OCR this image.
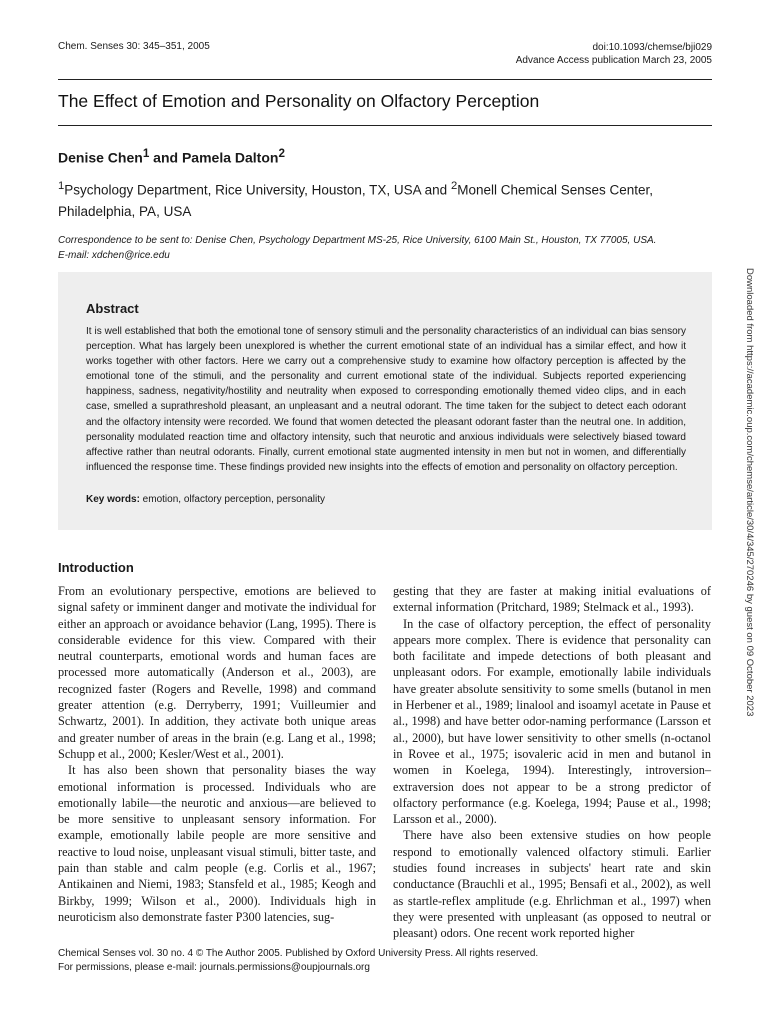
Chem. Senses 30: 345–351, 2005	doi:10.1093/chemse/bji029
Advance Access publication March 23, 2005
The Effect of Emotion and Personality on Olfactory Perception
Denise Chen$^1$ and Pamela Dalton$^2$
$^1$Psychology Department, Rice University, Houston, TX, USA and $^2$Monell Chemical Senses Center, Philadelphia, PA, USA
Correspondence to be sent to: Denise Chen, Psychology Department MS-25, Rice University, 6100 Main St., Houston, TX 77005, USA.
E-mail: xdchen@rice.edu
Abstract
It is well established that both the emotional tone of sensory stimuli and the personality characteristics of an individual can bias sensory perception. What has largely been unexplored is whether the current emotional state of an individual has a similar effect, and how it works together with other factors. Here we carry out a comprehensive study to examine how olfactory perception is affected by the emotional tone of the stimuli, and the personality and current emotional state of the individual. Subjects reported experiencing happiness, sadness, negativity/hostility and neutrality when exposed to corresponding emotionally themed video clips, and in each case, smelled a suprathreshold pleasant, an unpleasant and a neutral odorant. The time taken for the subject to detect each odorant and the olfactory intensity were recorded. We found that women detected the pleasant odorant faster than the neutral one. In addition, personality modulated reaction time and olfactory intensity, such that neurotic and anxious individuals were selectively biased toward affective rather than neutral odorants. Finally, current emotional state augmented intensity in men but not in women, and differentially influenced the response time. These findings provided new insights into the effects of emotion and personality on olfactory perception.
Key words: emotion, olfactory perception, personality
Introduction

From an evolutionary perspective, emotions are believed to signal safety or imminent danger and motivate the individual for either an approach or avoidance behavior (Lang, 1995). There is considerable evidence for this view. Compared with their neutral counterparts, emotional words and human faces are processed more automatically (Anderson et al., 2003), are recognized faster (Rogers and Revelle, 1998) and command greater attention (e.g. Derryberry, 1991; Vuilleumier and Schwartz, 2001). In addition, they activate both unique areas and greater number of areas in the brain (e.g. Lang et al., 1998; Schupp et al., 2000; Kesler/West et al., 2001).

It has also been shown that personality biases the way emotional information is processed. Individuals who are emotionally labile—the neurotic and anxious—are believed to be more sensitive to unpleasant sensory information. For example, emotionally labile people are more sensitive and reactive to loud noise, unpleasant visual stimuli, bitter taste, and pain than stable and calm people (e.g. Corlis et al., 1967; Antikainen and Niemi, 1983; Stansfeld et al., 1985; Keogh and Birkby, 1999; Wilson et al., 2000). Individuals high in neuroticism also demonstrate faster P300 latencies, sug-

gesting that they are faster at making initial evaluations of external information (Pritchard, 1989; Stelmack et al., 1993).

In the case of olfactory perception, the effect of personality appears more complex. There is evidence that personality can both facilitate and impede detections of both pleasant and unpleasant odors. For example, emotionally labile individuals have greater absolute sensitivity to some smells (butanol in men in Herbener et al., 1989; linalool and isoamyl acetate in Pause et al., 1998) and have better odor-naming performance (Larsson et al., 2000), but have lower sensitivity to other smells (n-octanol in Rovee et al., 1975; isovaleric acid in men and butanol in women in Koelega, 1994). Interestingly, introversion–extraversion does not appear to be a strong predictor of olfactory performance (e.g. Koelega, 1994; Pause et al., 1998; Larsson et al., 2000).

There have also been extensive studies on how people respond to emotionally valenced olfactory stimuli. Earlier studies found increases in subjects' heart rate and skin conductance (Brauchli et al., 1995; Bensafi et al., 2002), as well as startle-reflex amplitude (e.g. Ehrlichman et al., 1997) when they were presented with unpleasant (as opposed to neutral or pleasant) odors. One recent work reported higher

Chemical Senses vol. 30 no. 4 © The Author 2005. Published by Oxford University Press. All rights reserved.
For permissions, please e-mail: journals.permissions@oupjournals.org
Downloaded from https://academic.oup.com/chemse/article/30/4/345/270246 by guest on 09 October 2023
